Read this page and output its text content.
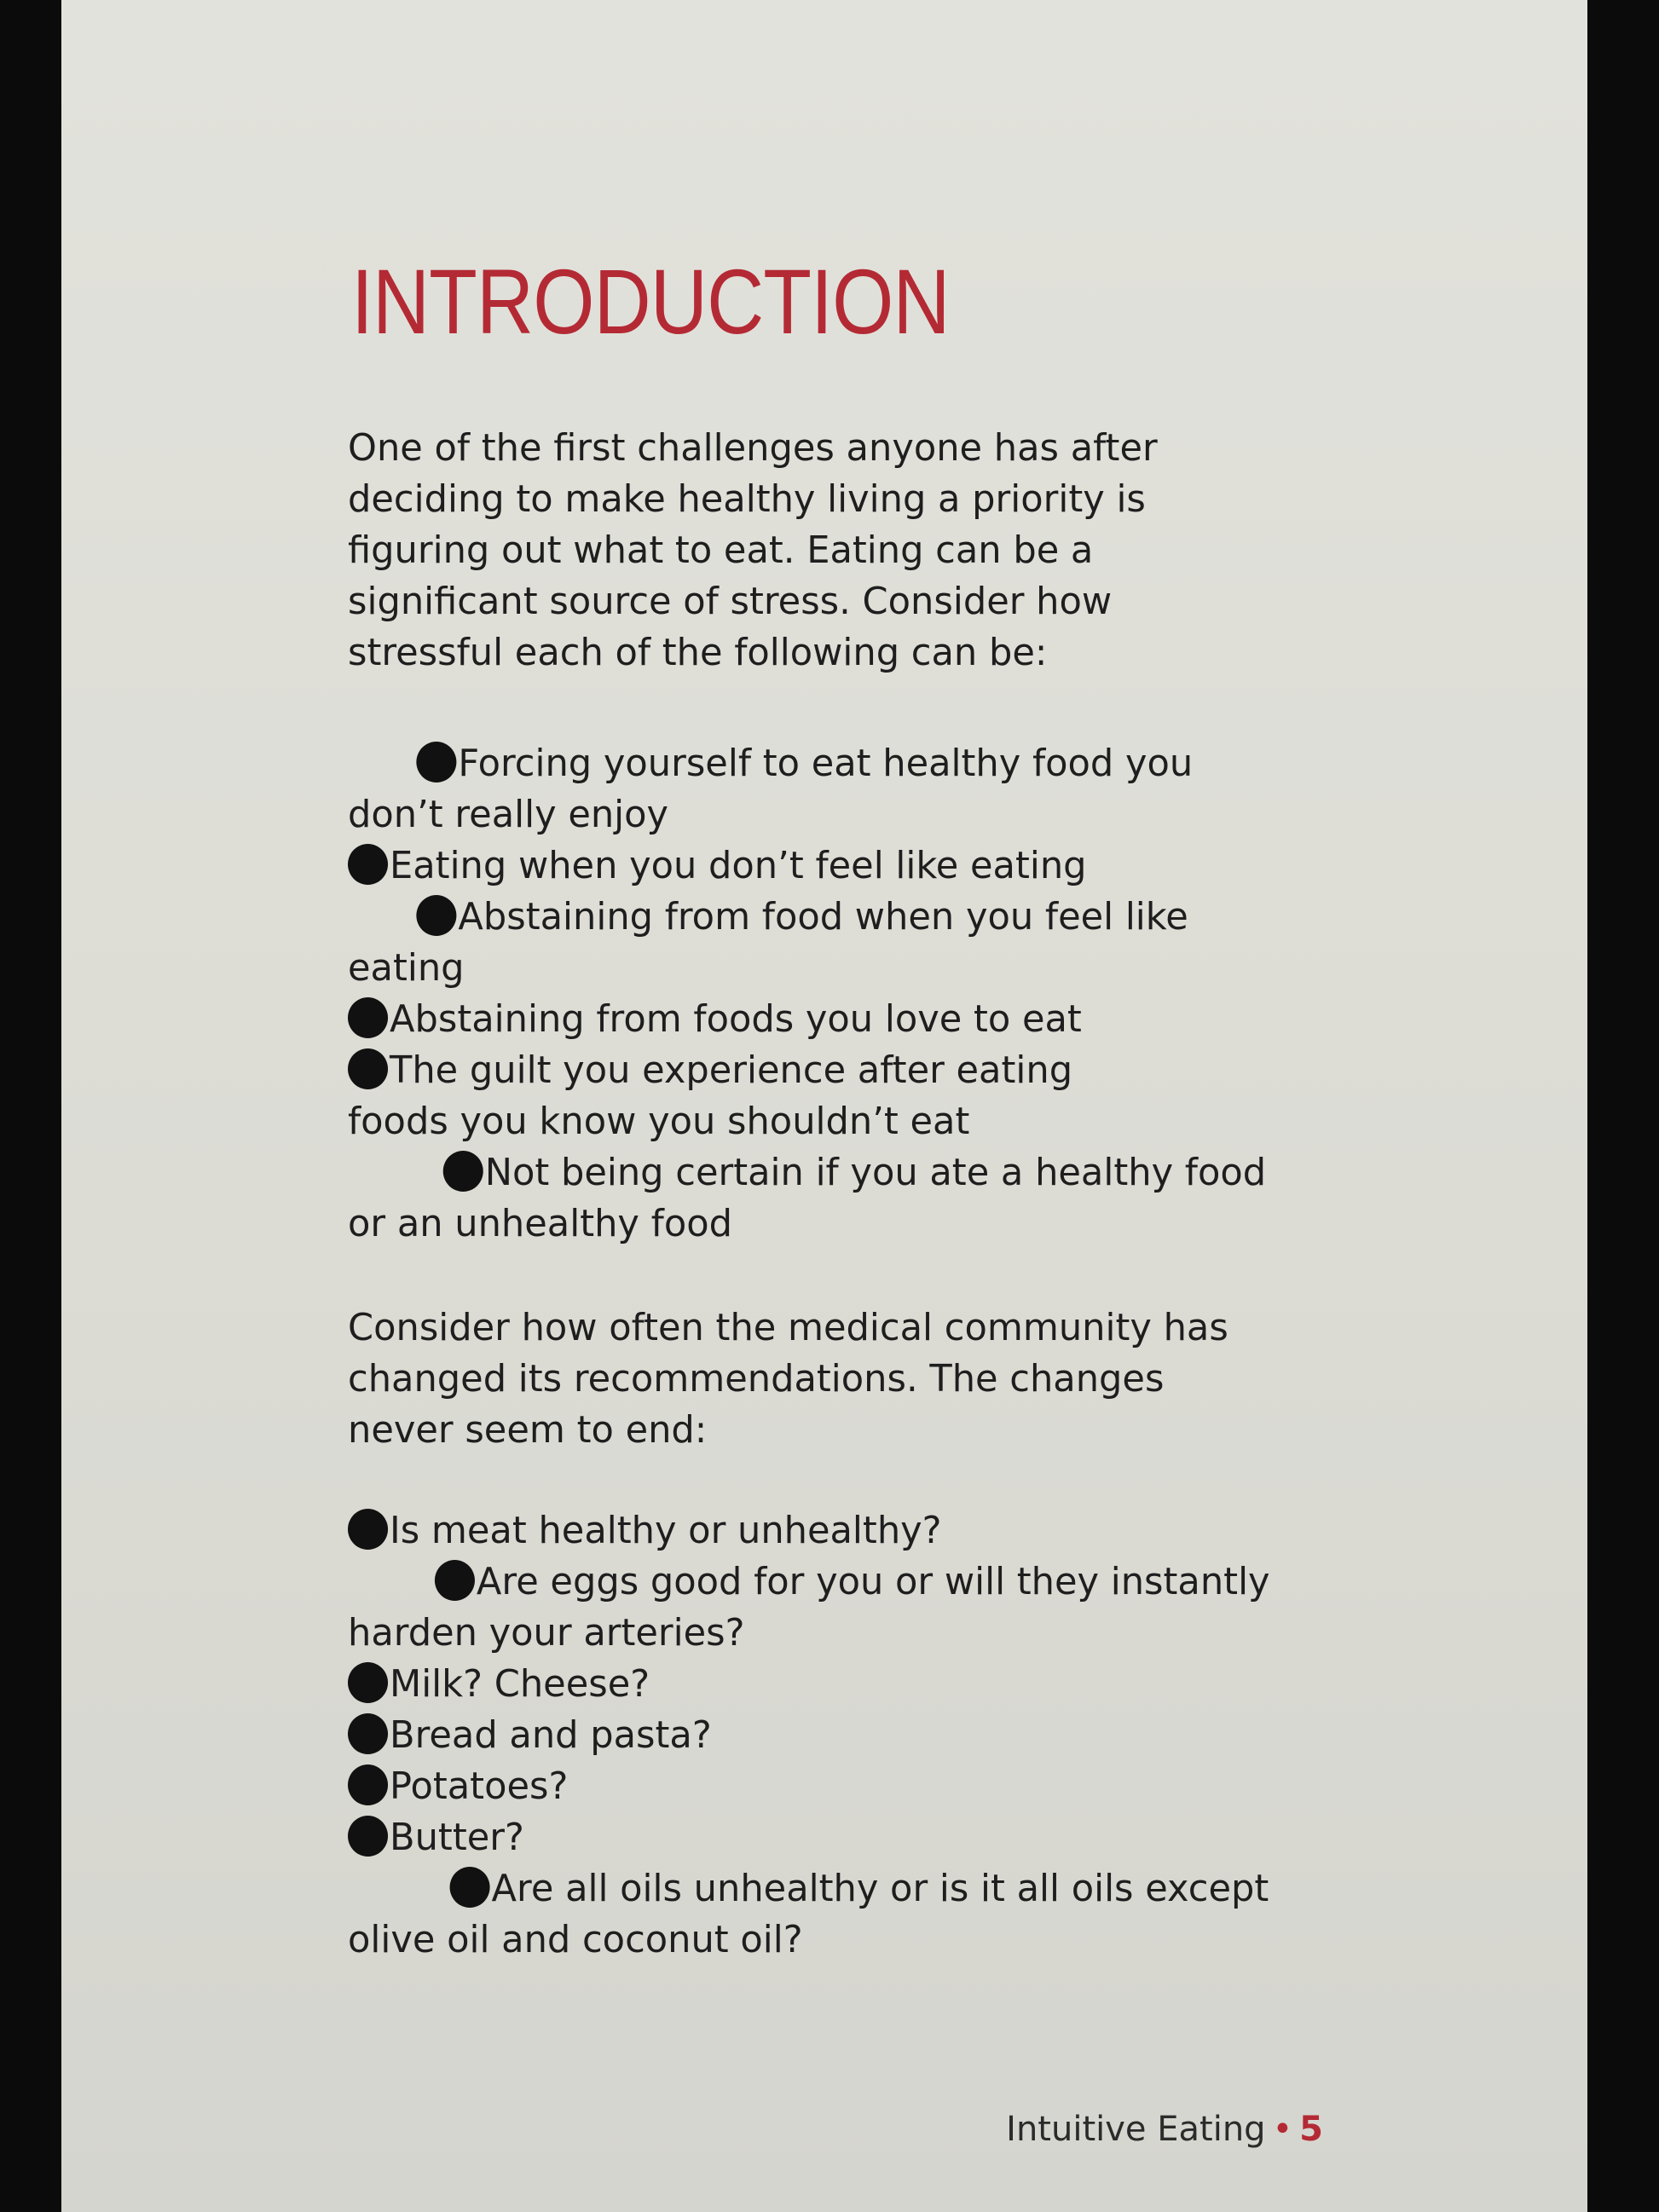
INTRODUCTION
One of the first challenges anyone has after
deciding to make healthy living a priority is
figuring out what to eat. Eating can be a
significant source of stress. Consider how
stressful each of the following can be:
Forcing yourself to eat healthy food you
don’t really enjoy
Eating when you don’t feel like eating
Abstaining from food when you feel like
eating
Abstaining from foods you love to eat
The guilt you experience after eating
foods you know you shouldn’t eat
Not being certain if you ate a healthy food
or an unhealthy food
Consider how often the medical community has
changed its recommendations. The changes
never seem to end:
Is meat healthy or unhealthy?
Are eggs good for you or will they instantly
harden your arteries?
Milk? Cheese?
Bread and pasta?
Potatoes?
Butter?
Are all oils unhealthy or is it all oils except
olive oil and coconut oil?
Intuitive Eating • 5
